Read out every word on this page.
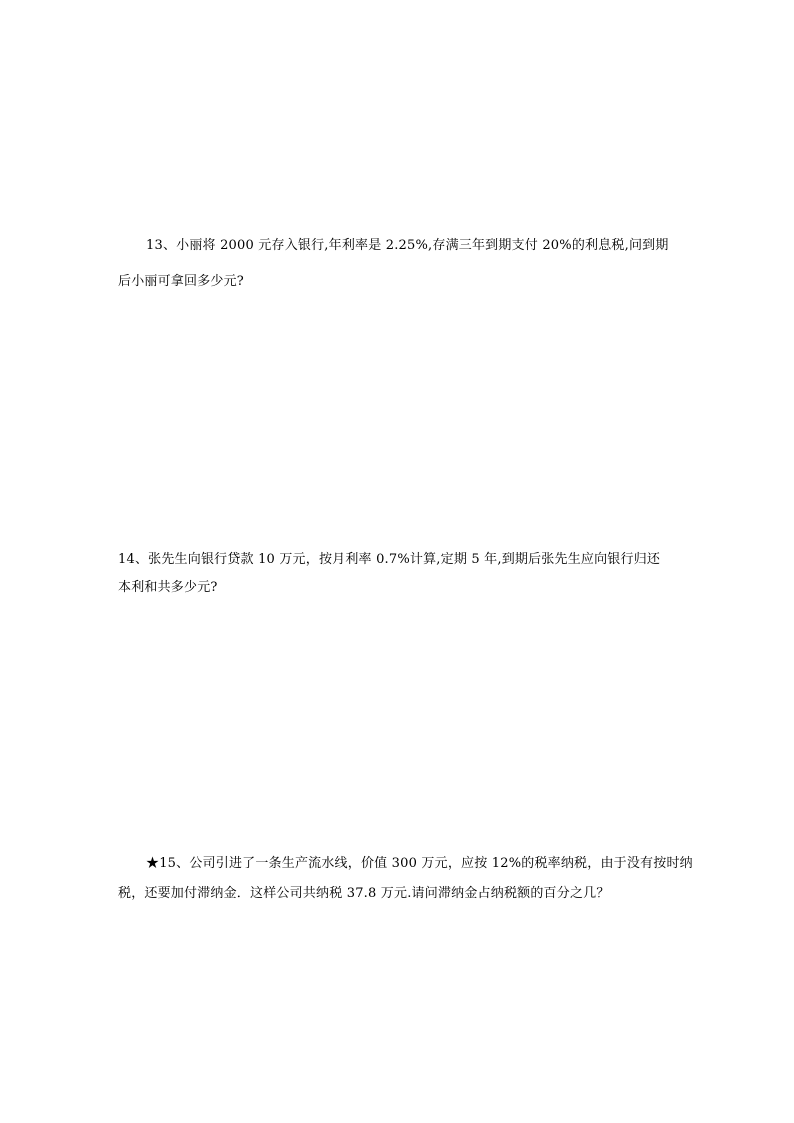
13、小丽将 2000 元存入银行,年利率是 2.25%,存满三年到期支付 20%的利息税,问到期

后小丽可拿回多少元?

14、张先生向银行贷款 10 万元，按月利率 0.7%计算,定期 5 年,到期后张先生应向银行归还

本利和共多少元?

★15、公司引进了一条生产流水线，价值 300 万元，应按 12%的税率纳税，由于没有按时纳

税，还要加付滞纳金．这样公司共纳税 37.8 万元.请问滞纳金占纳税额的百分之几？
